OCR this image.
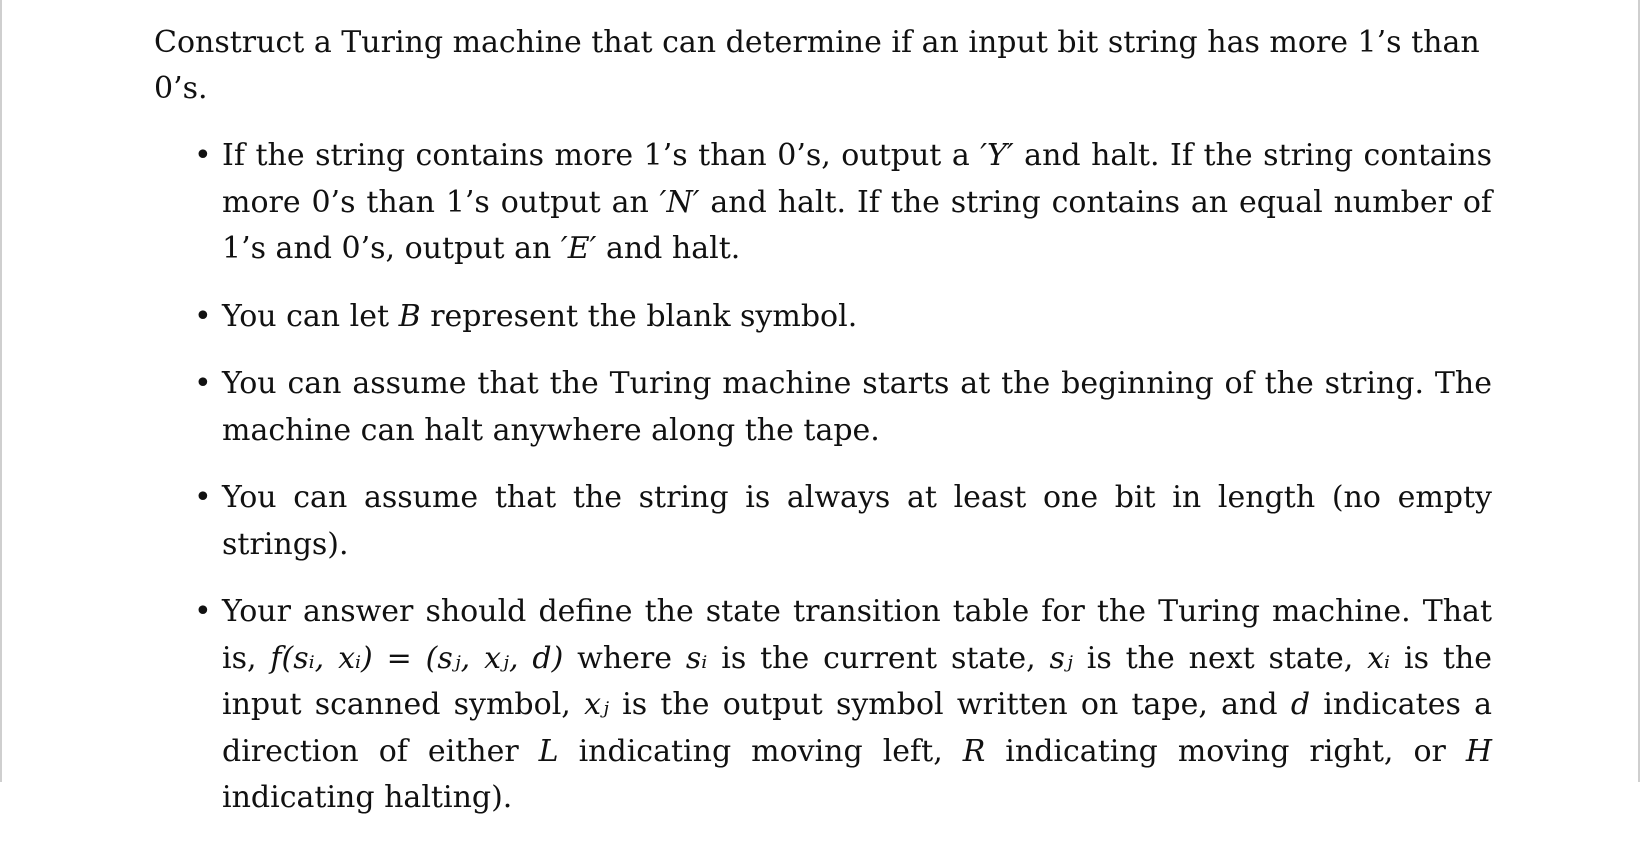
Construct a Turing machine that can determine if an input bit string has more 1’s than 0’s.

• If the string contains more 1’s than 0’s, output a ′Y′ and halt. If the string contains more 0’s than 1’s output an ′N′ and halt. If the string contains an equal number of 1’s and 0’s, output an ′E′ and halt.
• You can let B represent the blank symbol.
• You can assume that the Turing machine starts at the beginning of the string. The machine can halt anywhere along the tape.
• You can assume that the string is always at least one bit in length (no empty strings).
• Your answer should define the state transition table for the Turing machine. That is, f(sᵢ, xᵢ) = (sⱼ, xⱼ, d) where sᵢ is the current state, sⱼ is the next state, xᵢ is the input scanned symbol, xⱼ is the output symbol written on tape, and d indicates a direction of either L indicating moving left, R indicating moving right, or H indicating halting).
